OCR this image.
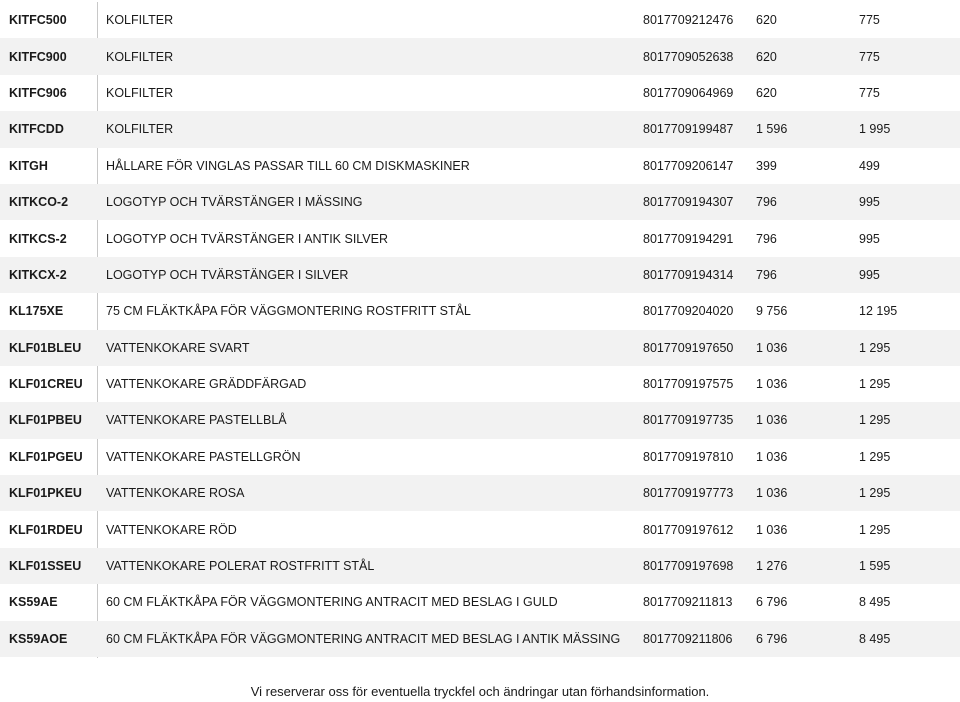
KITFC500	KOLFILTER	8017709212476	620	775
KITFC900	KOLFILTER	8017709052638	620	775
KITFC906	KOLFILTER	8017709064969	620	775
KITFCDD	KOLFILTER	8017709199487	1 596	1 995
KITGH	HÅLLARE FÖR VINGLAS PASSAR TILL 60 CM DISKMASKINER	8017709206147	399	499
KITKCO-2	LOGOTYP OCH TVÄRSTÄNGER I MÄSSING	8017709194307	796	995
KITKCS-2	LOGOTYP OCH TVÄRSTÄNGER I ANTIK SILVER	8017709194291	796	995
KITKCX-2	LOGOTYP OCH TVÄRSTÄNGER I SILVER	8017709194314	796	995
KL175XE	75 CM FLÄKTKÅPA FÖR VÄGGMONTERING ROSTFRITT STÅL	8017709204020	9 756	12 195
KLF01BLEU	VATTENKOKARE SVART	8017709197650	1 036	1 295
KLF01CREU	VATTENKOKARE GRÄDDFÄRGAD	8017709197575	1 036	1 295
KLF01PBEU	VATTENKOKARE PASTELLBLÅ	8017709197735	1 036	1 295
KLF01PGEU	VATTENKOKARE PASTELLGRÖN	8017709197810	1 036	1 295
KLF01PKEU	VATTENKOKARE ROSA	8017709197773	1 036	1 295
KLF01RDEU	VATTENKOKARE RÖD	8017709197612	1 036	1 295
KLF01SSEU	VATTENKOKARE POLERAT ROSTFRITT STÅL	8017709197698	1 276	1 595
KS59AE	60 CM FLÄKTKÅPA FÖR VÄGGMONTERING ANTRACIT MED BESLAG I GULD	8017709211813	6 796	8 495
KS59AOE	60 CM FLÄKTKÅPA FÖR VÄGGMONTERING ANTRACIT MED BESLAG I ANTIK MÄSSING	8017709211806	6 796	8 495
Vi reserverar oss för eventuella tryckfel och ändringar utan förhandsinformation.
